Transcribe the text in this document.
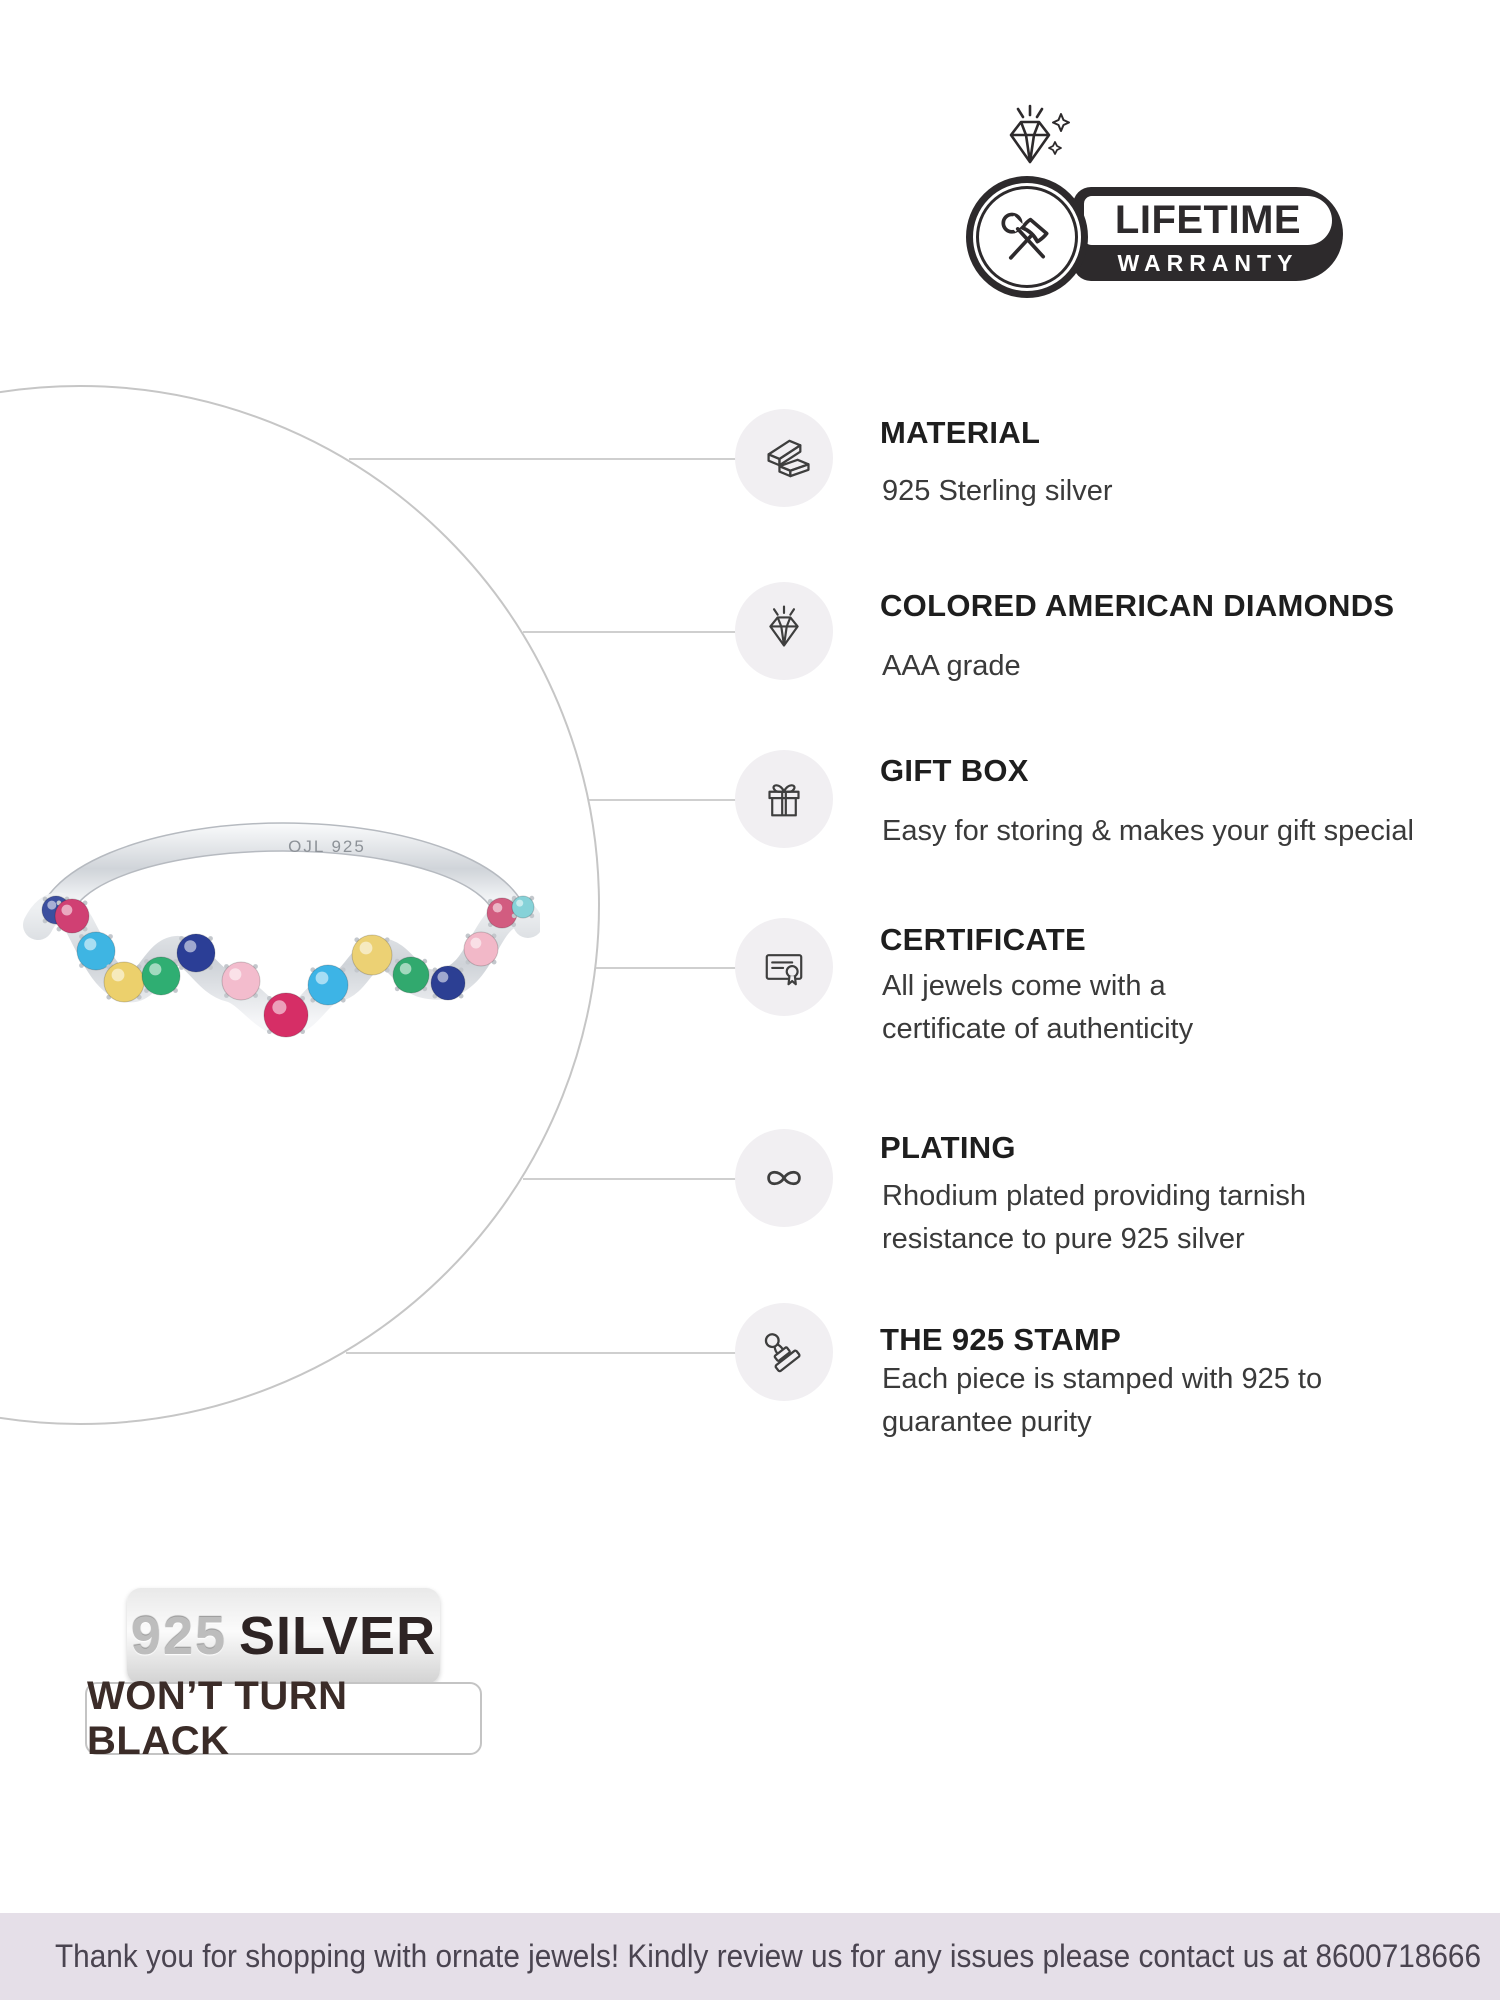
LIFETIME
WARRANTY
OJL 925
MATERIAL
925 Sterling silver
COLORED AMERICAN DIAMONDS
AAA grade
GIFT BOX
Easy for storing & makes your gift special
CERTIFICATE
All jewels come with a
certificate of authenticity
PLATING
Rhodium plated providing tarnish
resistance to pure 925 silver
THE 925 STAMP
Each piece is stamped with 925 to
guarantee purity
925 SILVER
WON’T TURN BLACK
Thank you for shopping with ornate jewels! Kindly review us for any issues please contact us at 8600718666
